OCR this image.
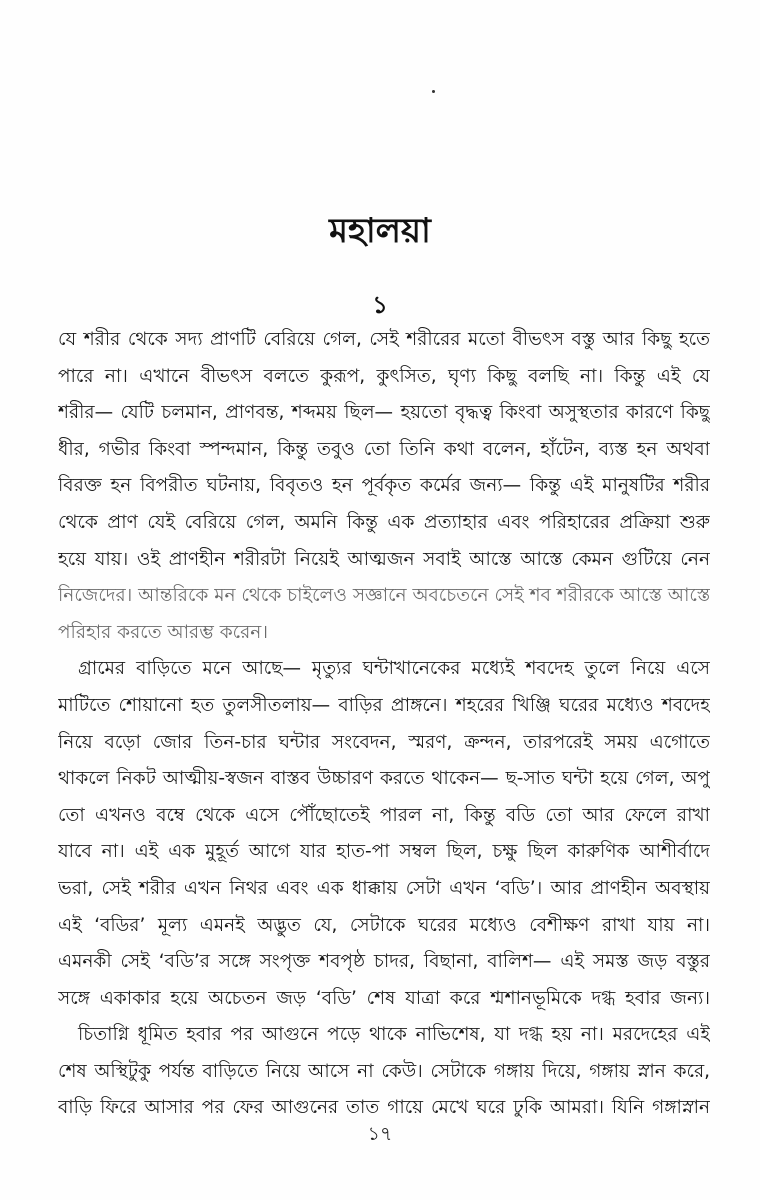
মহালয়া
১
যে শরীর থেকে সদ্য প্রাণটি বেরিয়ে গেল, সেই শরীরের মতো বীভৎস বস্তু আর কিছু হতে
পারে না। এখানে বীভৎস বলতে কুরূপ, কুৎসিত, ঘৃণ্য কিছু বলছি না। কিন্তু এই যে
শরীর— যেটি চলমান, প্রাণবন্ত, শব্দময় ছিল— হয়তো বৃদ্ধত্ব কিংবা অসুস্থতার কারণে কিছু
ধীর, গভীর কিংবা স্পন্দমান, কিন্তু তবুও তো তিনি কথা বলেন, হাঁটেন, ব্যস্ত হন অথবা
বিরক্ত হন বিপরীত ঘটনায়, বিবৃতও হন পূর্বকৃত কর্মের জন্য— কিন্তু এই মানুষটির শরীর
থেকে প্রাণ যেই বেরিয়ে গেল, অমনি কিন্তু এক প্রত্যাহার এবং পরিহারের প্রক্রিয়া শুরু
হয়ে যায়। ওই প্রাণহীন শরীরটা নিয়েই আত্মজন সবাই আস্তে আস্তে কেমন গুটিয়ে নেন
নিজেদের। আন্তরিকে মন থেকে চাইলেও সজ্ঞানে অবচেতনে সেই শব শরীরকে আস্তে আস্তে
পরিহার করতে আরম্ভ করেন।
গ্রামের বাড়িতে মনে আছে— মৃত্যুর ঘন্টাখানেকের মধ্যেই শবদেহ তুলে নিয়ে এসে
মাটিতে শোয়ানো হত তুলসীতলায়— বাড়ির প্রাঙ্গনে। শহরের খিঞ্জি ঘরের মধ্যেও শবদেহ
নিয়ে বড়ো জোর তিন-চার ঘন্টার সংবেদন, স্মরণ, ক্রন্দন, তারপরেই সময় এগোতে
থাকলে নিকট আত্মীয়-স্বজন বাস্তব উচ্চারণ করতে থাকেন— ছ-সাত ঘন্টা হয়ে গেল, অপু
তো এখনও বম্বে থেকে এসে পৌঁছোতেই পারল না, কিন্তু বডি তো আর ফেলে রাখা
যাবে না। এই এক মুহূর্ত আগে যার হাত-পা সম্বল ছিল, চক্ষু ছিল কারুণিক আশীর্বাদে
ভরা, সেই শরীর এখন নিথর এবং এক ধাক্কায় সেটা এখন ‘বডি’। আর প্রাণহীন অবস্থায়
এই ‘বডির’ মূল্য এমনই অদ্ভুত যে, সেটাকে ঘরের মধ্যেও বেশীক্ষণ রাখা যায় না।
এমনকী সেই ‘বডি’র সঙ্গে সংপৃক্ত শবপৃষ্ঠ চাদর, বিছানা, বালিশ— এই সমস্ত জড় বস্তুর
সঙ্গে একাকার হয়ে অচেতন জড় ‘বডি’ শেষ যাত্রা করে শ্মশানভূমিকে দগ্ধ হবার জন্য।
চিতাগ্নি ধূমিত হবার পর আগুনে পড়ে থাকে নাভিশেষ, যা দগ্ধ হয় না। মরদেহের এই
শেষ অস্থিটুকু পর্যন্ত বাড়িতে নিয়ে আসে না কেউ। সেটাকে গঙ্গায় দিয়ে, গঙ্গায় স্নান করে,
বাড়ি ফিরে আসার পর ফের আগুনের তাত গায়ে মেখে ঘরে ঢুকি আমরা। যিনি গঙ্গাস্নান
১৭
